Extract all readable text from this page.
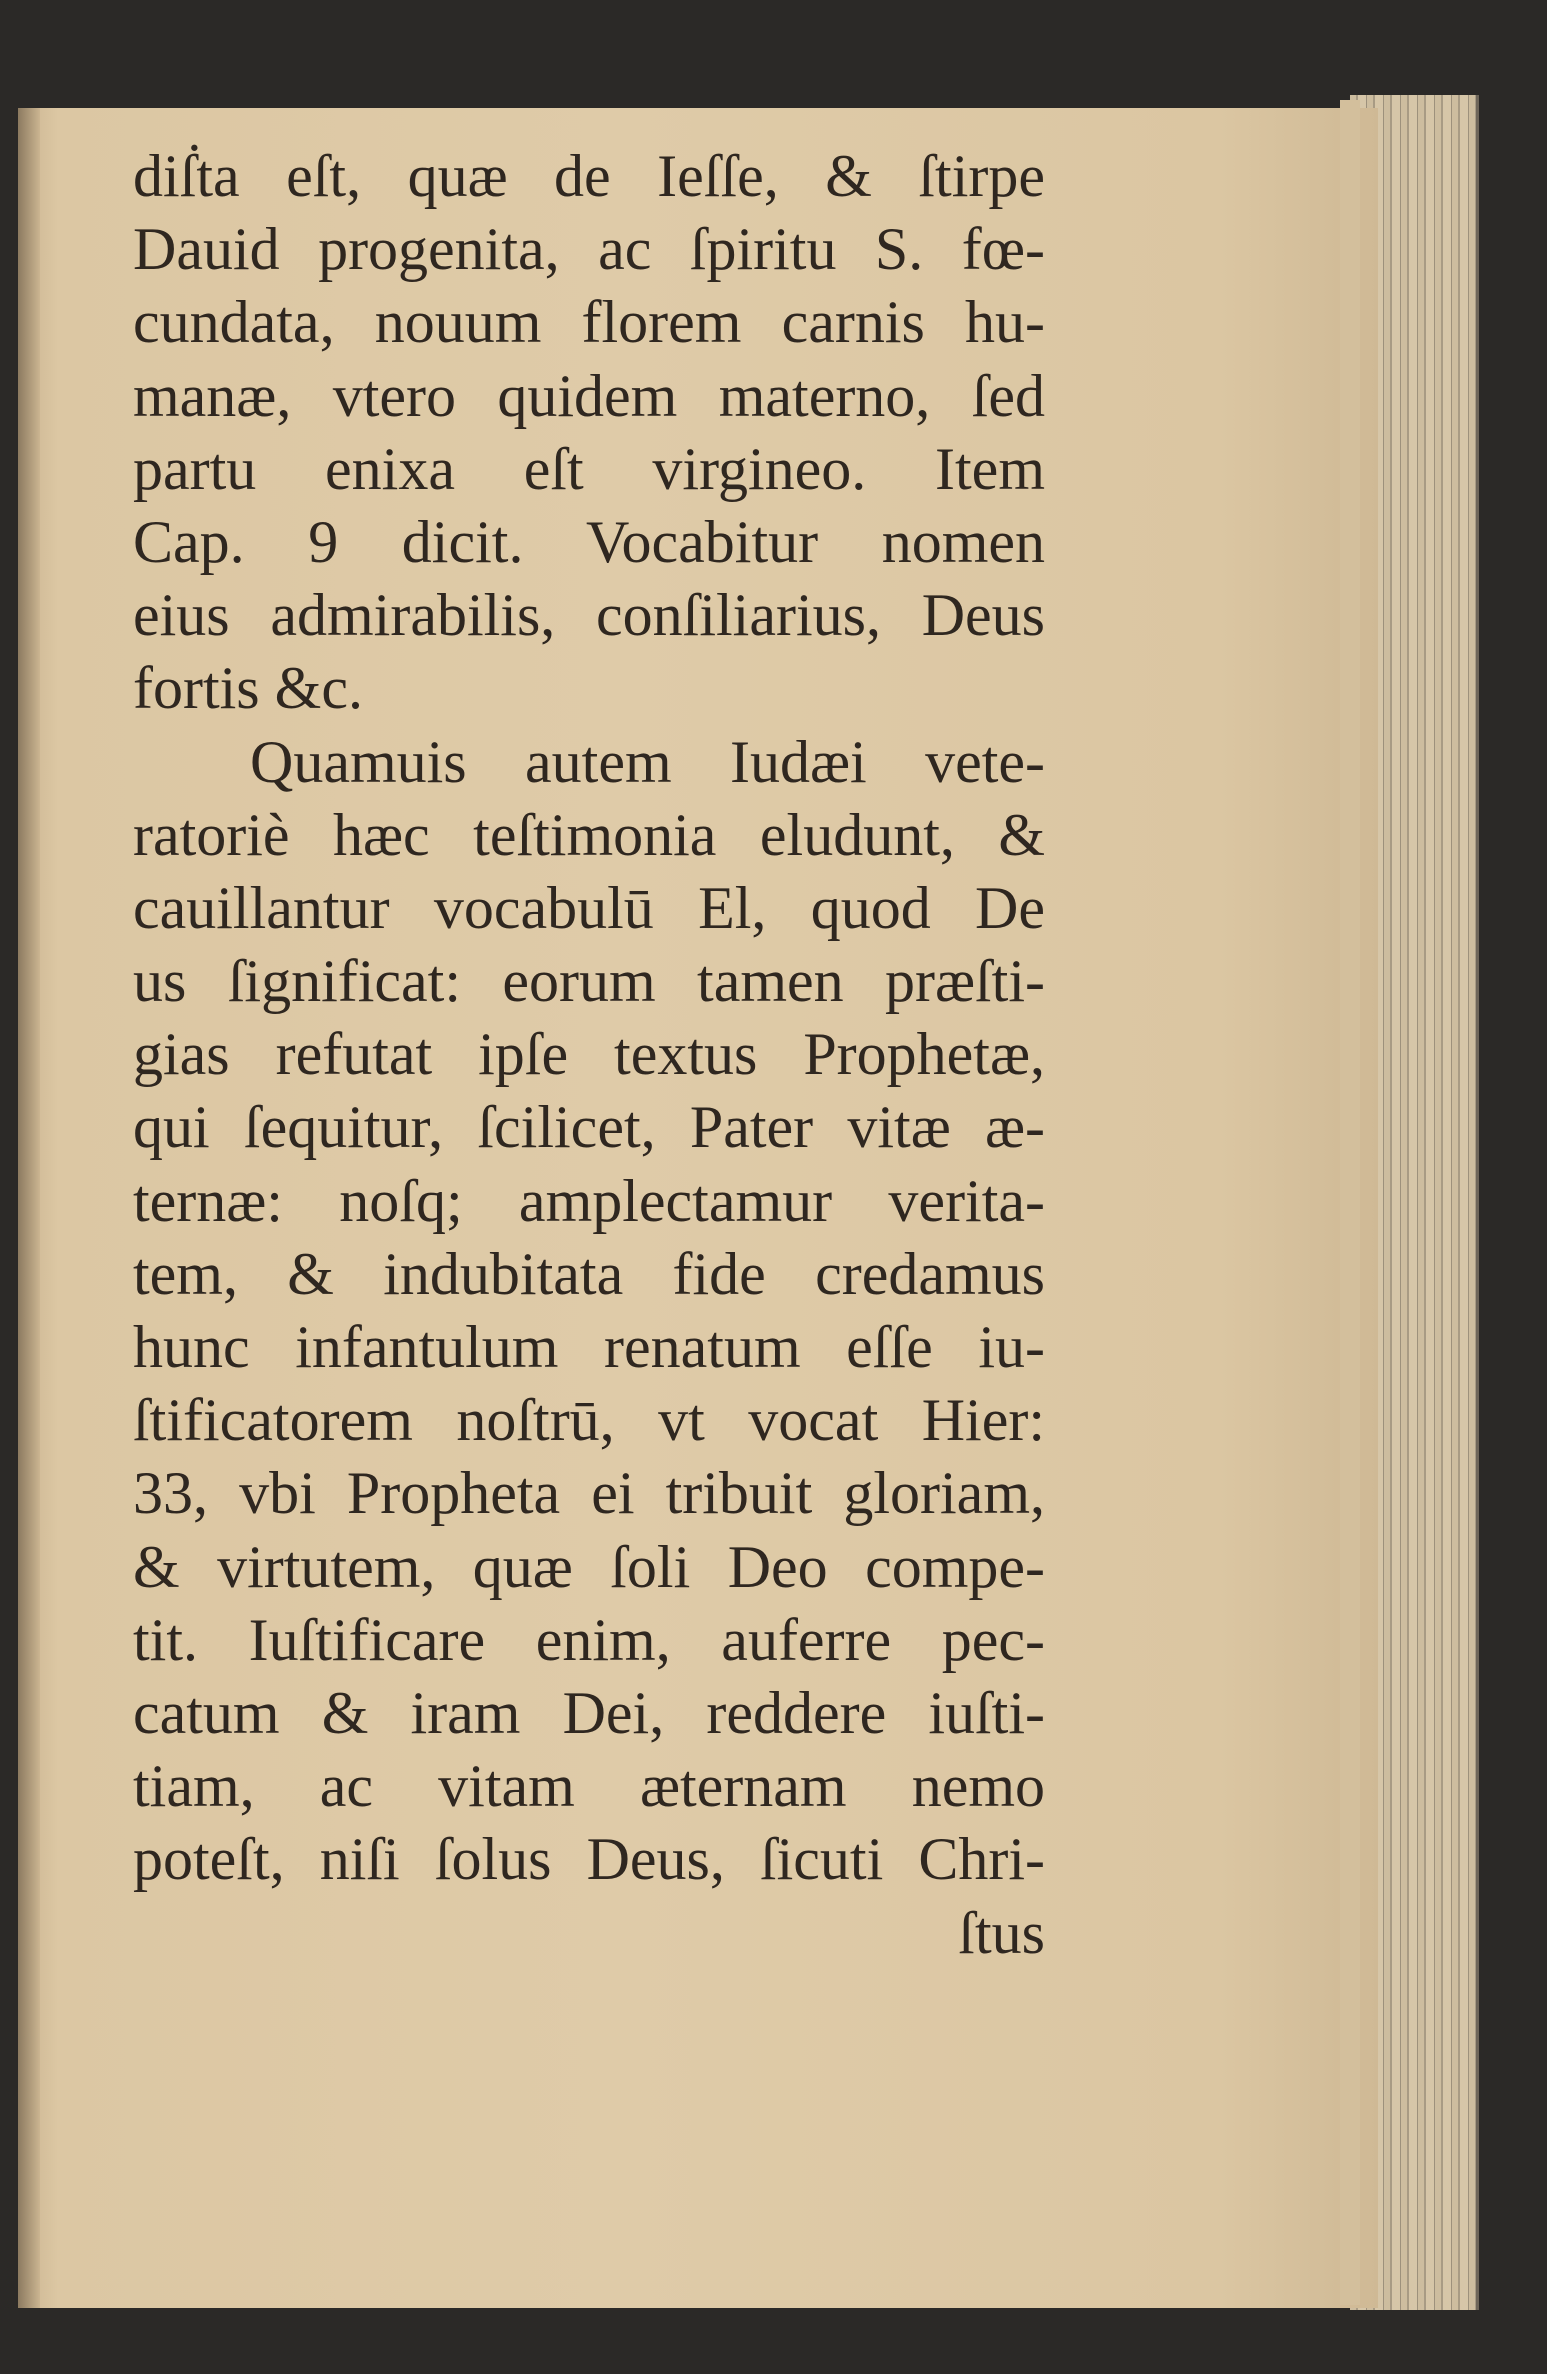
diẛta eſt, quæ de Ieſſe, & ſtirpe
Dauid progenita, ac ſpiritu S. fœ-
cundata, nouum florem carnis hu-
manæ, vtero quidem materno, ſed
partu enixa eſt virgineo. Item
Cap. 9 dicit. Vocabitur nomen
eius admirabilis, conſiliarius, Deus
fortis &c.
Quamuis autem Iudæi vete-
ratoriè hæc teſtimonia eludunt, &
cauillantur vocabulū El, quod De
us ſignificat: eorum tamen præſti-
gias refutat ipſe textus Prophetæ,
qui ſequitur, ſcilicet, Pater vitæ æ-
ternæ: noſq; amplectamur verita-
tem, & indubitata fide credamus
hunc infantulum renatum eſſe iu-
ſtificatorem noſtrū, vt vocat Hier:
33, vbi Propheta ei tribuit gloriam,
& virtutem, quæ ſoli Deo compe-
tit. Iuſtificare enim, auferre pec-
catum & iram Dei, reddere iuſti-
tiam, ac vitam æternam nemo
poteſt, niſi ſolus Deus, ſicuti Chri-
ſtus
